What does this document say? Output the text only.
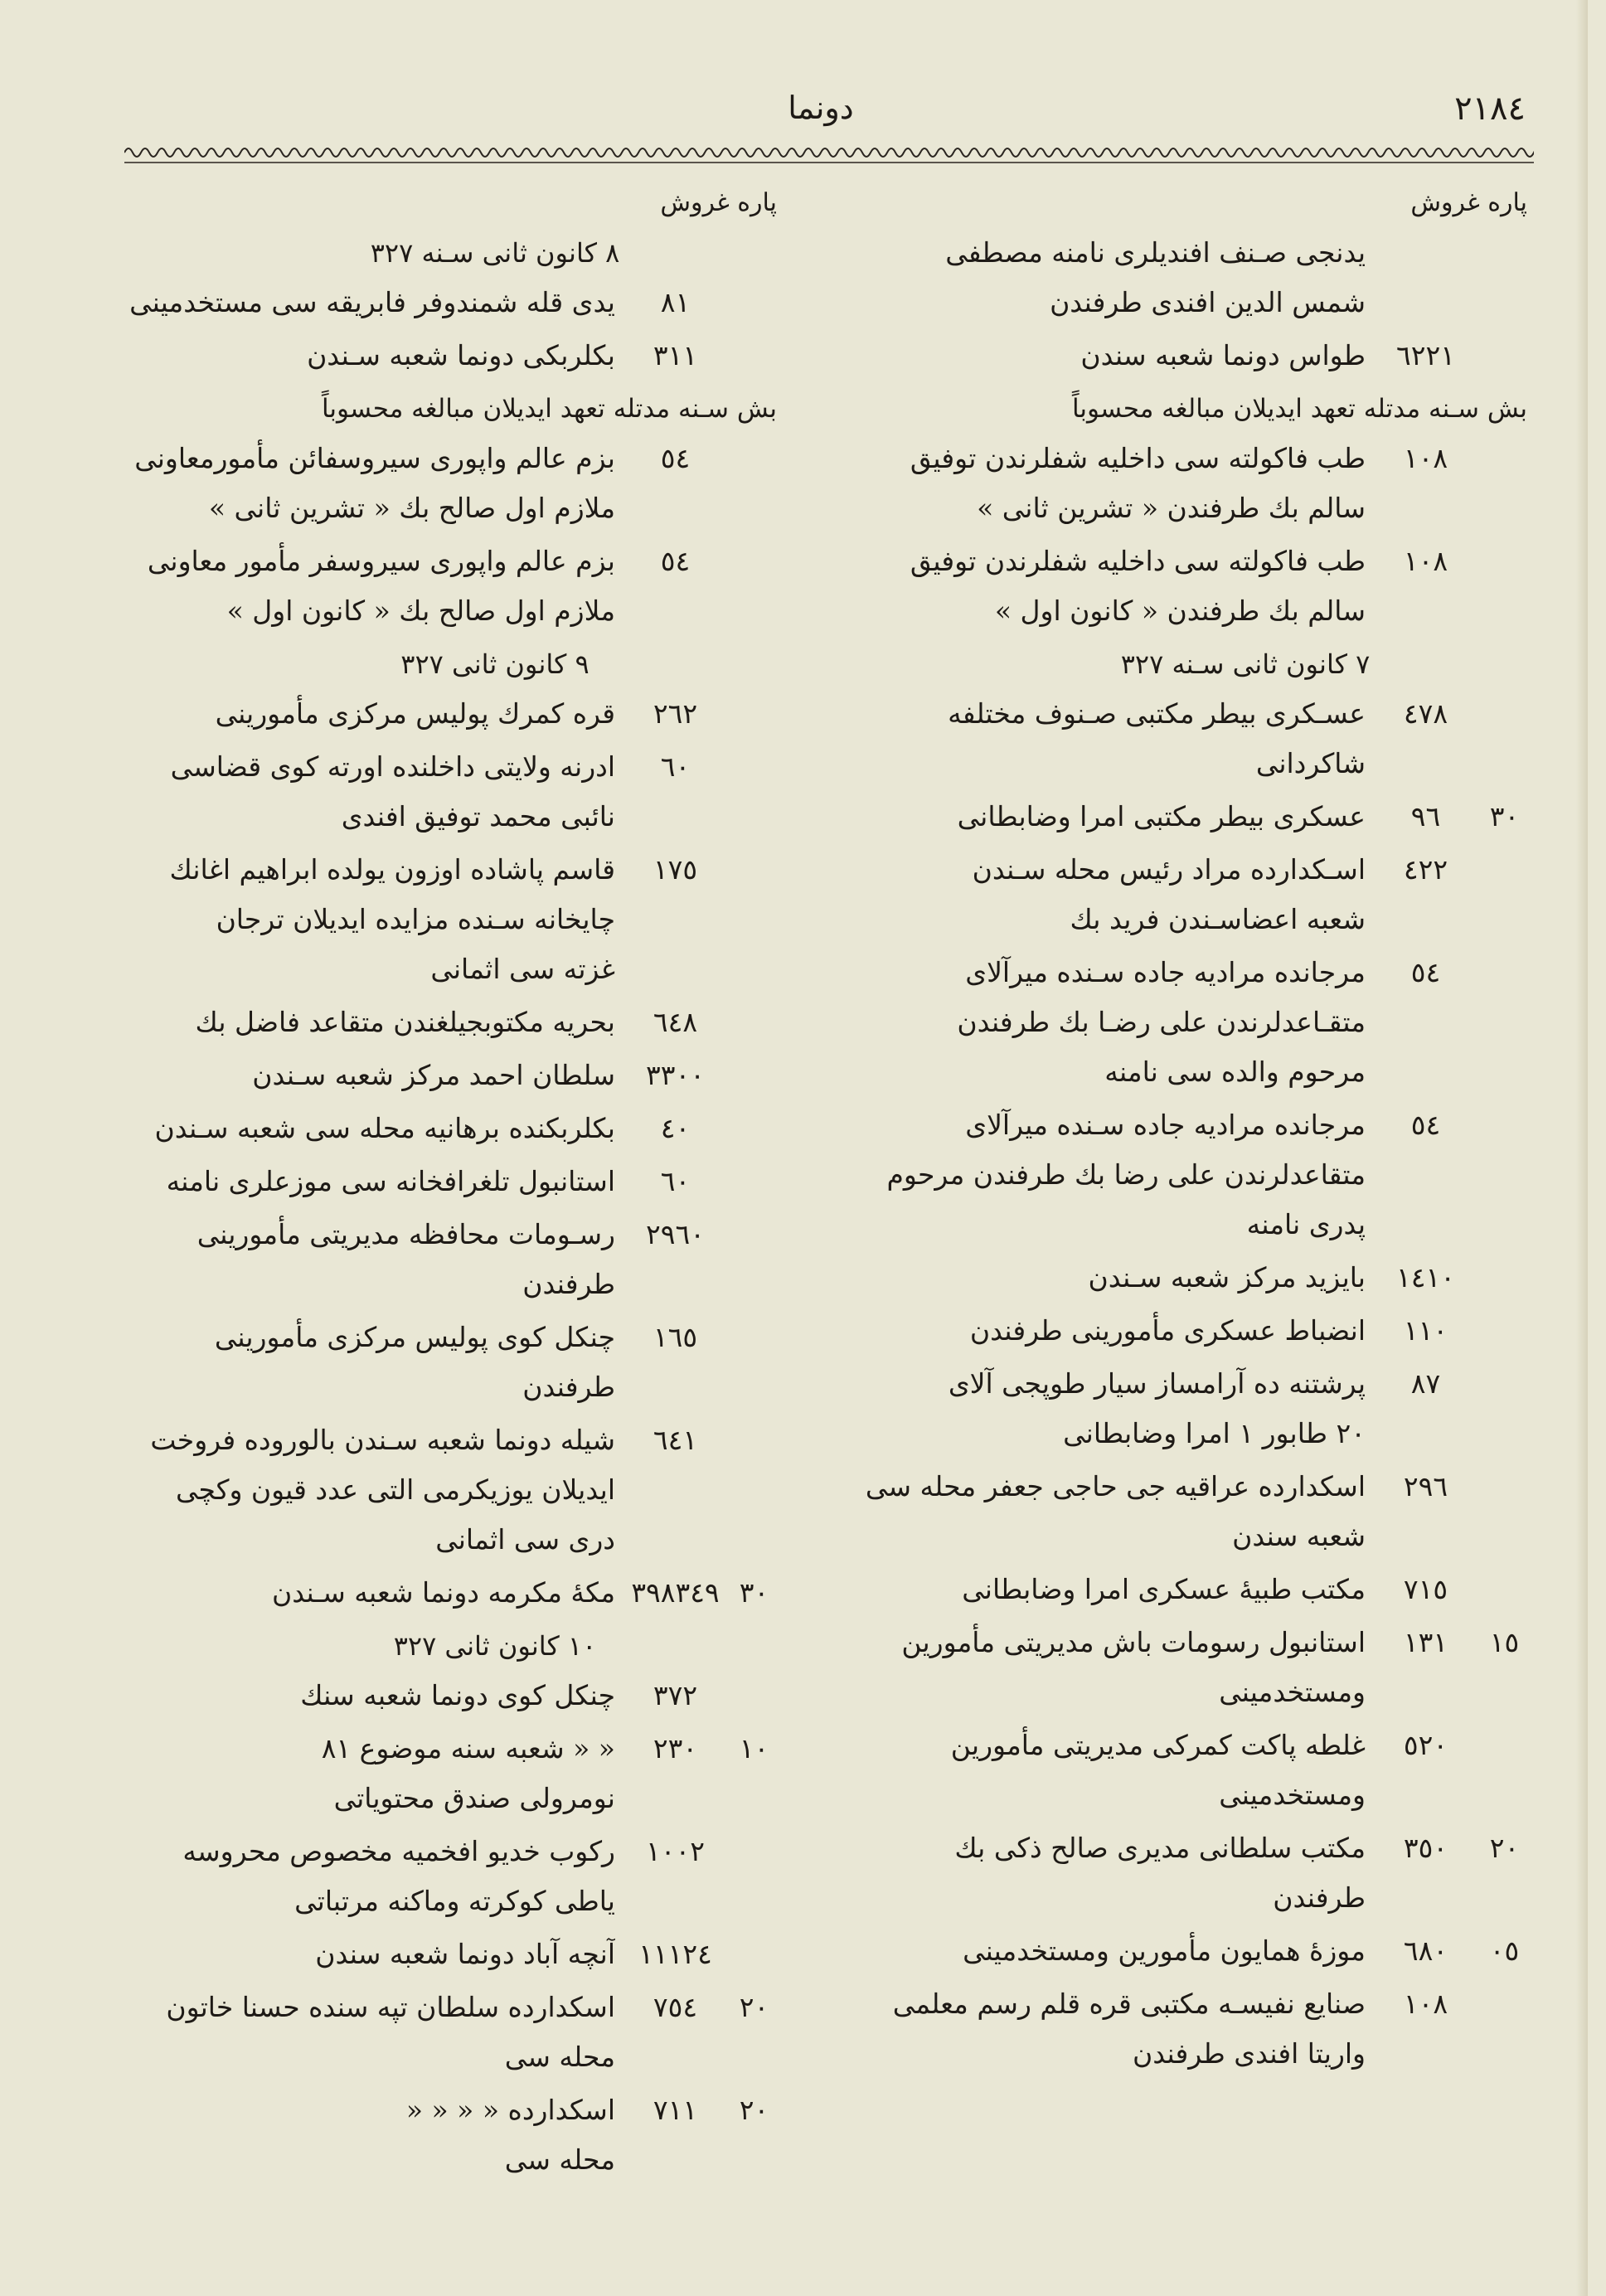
٢١٨٤
دونما
پاره غروش
يدنجى صـنف افنديلرى نامنه مصطفى
شمس الدين افندى طرفندن
٦٢٢١
طواس دونما شعبه سندن
بش سـنه مدتله تعهد ايديلان مبالغه محسوباً
١٠٨
طب فاكولته سى داخليه شفلرندن توفيق
سالم بك طرفندن « تشرين ثانى »
١٠٨
طب فاكولته سى داخليه شفلرندن توفيق
سالم بك طرفندن « كانون اول »
٧ كانون ثانى سـنه ٣٢٧
٤٧٨
عسـكرى بيطر مكتبى صـنوف مختلفه
شاكردانى
٣٠
٩٦
عسكرى بيطر مكتبى امرا وضابطانى
٤٢٢
اسـكدارده مراد رئيس محله سـندن
شعبه اعضاسـندن فريد بك
٥٤
مرجانده مراديه جاده سـنده ميرآلاى
متقـاعدلرندن على رضـا بك طرفندن
مرحوم والده سى نامنه
٥٤
مرجانده مراديه جاده سـنده ميرآلاى
متقاعدلرندن على رضا بك طرفندن مرحوم
پدرى نامنه
١٤١٠
بايزيد مركز شعبه سـندن
١١٠
انضباط عسكرى مأمورينى طرفندن
٨٧
پرشتنه ده آرامساز سيار طوپجى آلاى
٢٠ طابور ١ امرا وضابطانى
٢٩٦
اسكدارده عراقيه جى حاجى جعفر محله سى
شعبه سندن
٧١٥
مكتب طبيهٔ عسكرى امرا وضابطانى
١٥
١٣١
استانبول رسومات باش مديريتى مأمورين
ومستخدمينى
٥٢٠
غلطه پاكت كمركى مديريتى مأمورين
ومستخدمينى
٢٠
٣٥٠
مكتب سلطانى مديرى صالح ذكى بك
طرفندن
٠٥
٦٨٠
موزهٔ همايون مأمورين ومستخدمينى
١٠٨
صنايع نفيسـه مكتبى قره قلم رسم معلمى
واريتا افندى طرفندن
پاره غروش
٨ كانون ثانى سـنه ٣٢٧
٨١
يدى قله شمندوفر فابريقه سى مستخدمينى
٣١١
بكلربكى دونما شعبه سـندن
بش سـنه مدتله تعهد ايديلان مبالغه محسوباً
٥٤
بزم عالم واپورى سيروسفائن مأمورمعاونى
ملازم اول صالح بك « تشرين ثانى »
٥٤
بزم عالم واپورى سيروسفر مأمور معاونى
ملازم اول صالح بك « كانون اول »
٩ كانون ثانى ٣٢٧
٢٦٢
قره كمرك پوليس مركزى مأمورينى
٦٠
ادرنه ولايتى داخلنده اورته كوى قضاسى
نائبى محمد توفيق افندى
١٧٥
قاسم پاشاده اوزون يولده ابراهيم اغانك
چايخانه سـنده مزايده ايديلان ترجان
غزته سى اثمانى
٦٤٨
بحريه مكتوبجيلغندن متقاعد فاضل بك
٣٣٠٠
سلطان احمد مركز شعبه سـندن
٤٠
بكلربكنده برهانيه محله سى شعبه سـندن
٦٠
استانبول تلغرافخانه سى موزعلرى نامنه
٢٩٦٠
رسـومات محافظه مديريتى مأمورينى
طرفندن
١٦٥
چنكل كوى پوليس مركزى مأمورينى
طرفندن
٦٤١
شيله دونما شعبه سـندن بالوروده فروخت
ايديلان يوزيكرمى التى عدد قيون وكچى
درى سى اثمانى
٣٠
٣٩٨٣٤٩
مكهٔ مكرمه دونما شعبه سـندن
١٠ كانون ثانى ٣٢٧
٣٧٢
چنكل كوى دونما شعبه سنك
١٠
٢٣٠
« « شعبه سنه موضوع ٨١
نومرولى صندق محتوياتى
١٠٠٢
ركوب خديو افخميه مخصوص محروسه
ياطى كوكرته وماكنه مرتباتى
١١١٢٤
آنچه آباد دونما شعبه سندن
٢٠
٧٥٤
اسكدارده سلطان تپه سنده حسنا خاتون
محله سى
٢٠
٧١١
اسكدارده « « « «
محله سى
